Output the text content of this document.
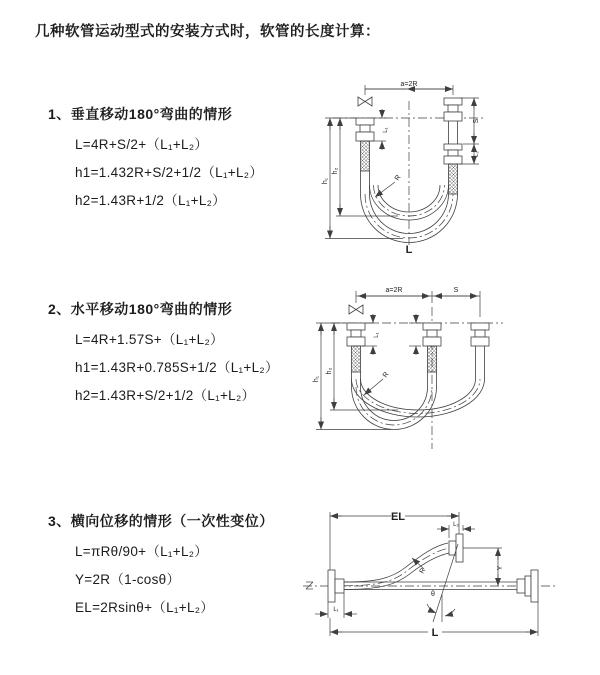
几种软管运动型式的安装方式时，软管的长度计算：
1、垂直移动180°弯曲的情形
L=4R+S/2+（L₁+L₂）
h1=1.432R+S/2+1/2（L₁+L₂）
h2=1.43R+1/2（L₁+L₂）
2、水平移动180°弯曲的情形
L=4R+1.57S+（L₁+L₂）
h1=1.43R+0.785S+1/2（L₁+L₂）
h2=1.43R+S/2+1/2（L₁+L₂）
3、横向位移的情形（一次性变位）
L=πRθ/90+（L₁+L₂）
Y=2R（1-cosθ）
EL=2Rsinθ+（L₁+L₂）
a=2R
R
h₁
h₂
L₁
S
L₂
L
a=2R	S
R
h₁
h₂
L₁
EL
L₂
Y
θ
R
L₁
L
